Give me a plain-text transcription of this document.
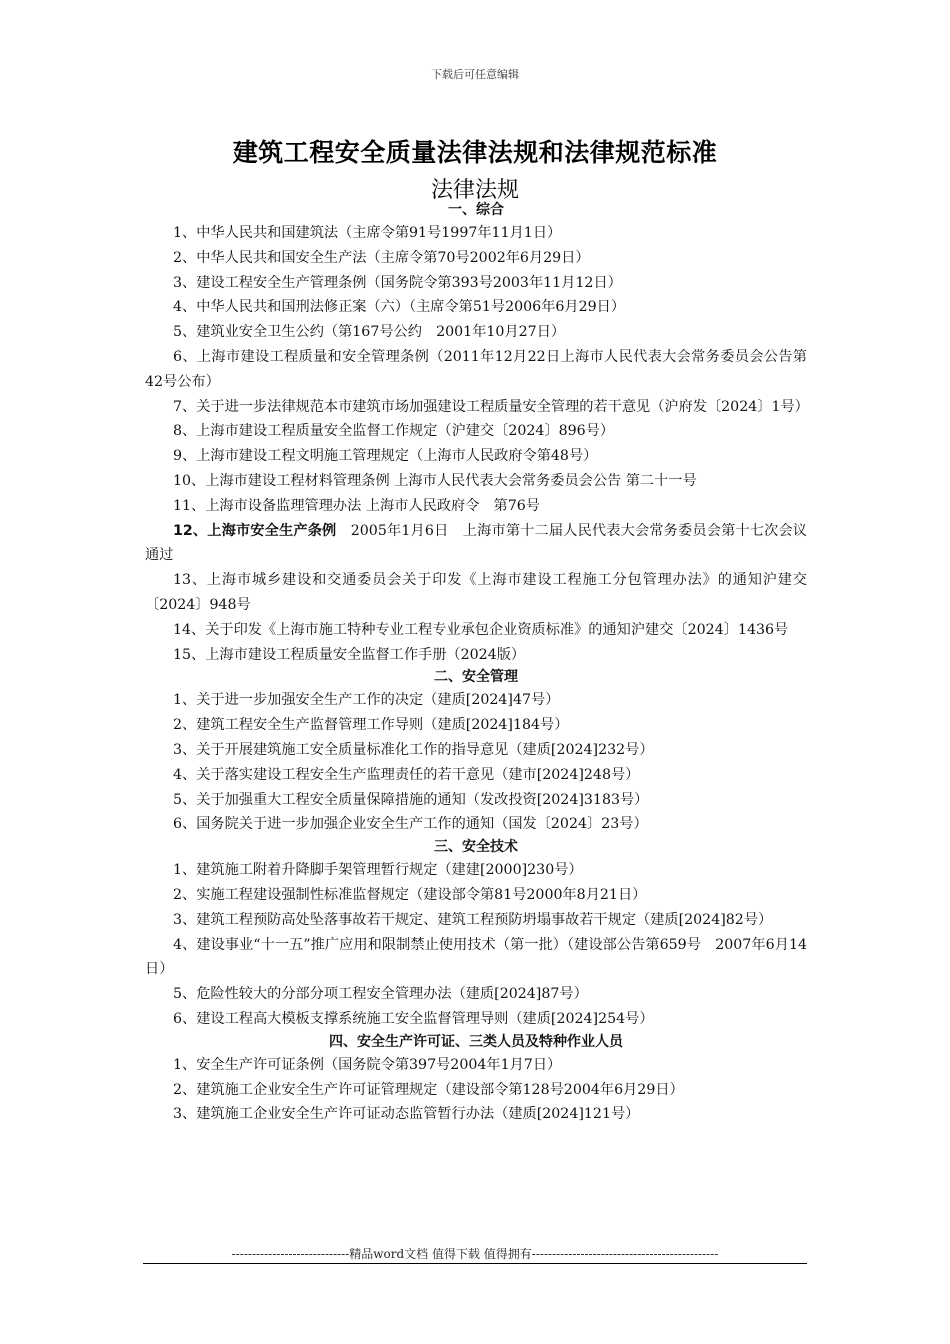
下载后可任意编辑
建筑工程安全质量法律法规和法律规范标准
法律法规
一、综合
1、中华人民共和国建筑法（主席令第91号1997年11月1日）
2、中华人民共和国安全生产法（主席令第70号2002年6月29日）
3、建设工程安全生产管理条例（国务院令第393号2003年11月12日）
4、中华人民共和国刑法修正案（六）（主席令第51号2006年6月29日）
5、建筑业安全卫生公约（第167号公约　2001年10月27日）
6、上海市建设工程质量和安全管理条例（2011年12月22日上海市人民代表大会常务委员会公告第42号公布）
7、关于进一步法律规范本市建筑市场加强建设工程质量安全管理的若干意见（沪府发〔2024〕1号）
8、上海市建设工程质量安全监督工作规定（沪建交〔2024〕896号）
9、上海市建设工程文明施工管理规定（上海市人民政府令第48号）
10、上海市建设工程材料管理条例 上海市人民代表大会常务委员会公告 第二十一号
11、上海市设备监理管理办法 上海市人民政府令　第76号
12、上海市安全生产条例　2005年1月6日　上海市第十二届人民代表大会常务委员会第十七次会议通过
13、上海市城乡建设和交通委员会关于印发《上海市建设工程施工分包管理办法》的通知沪建交〔2024〕948号
14、关于印发《上海市施工特种专业工程专业承包企业资质标准》的通知沪建交〔2024〕1436号
15、上海市建设工程质量安全监督工作手册（2024版）
二、安全管理
1、关于进一步加强安全生产工作的决定（建质[2024]47号）
2、建筑工程安全生产监督管理工作导则（建质[2024]184号）
3、关于开展建筑施工安全质量标准化工作的指导意见（建质[2024]232号）
4、关于落实建设工程安全生产监理责任的若干意见（建市[2024]248号）
5、关于加强重大工程安全质量保障措施的通知（发改投资[2024]3183号）
6、国务院关于进一步加强企业安全生产工作的通知（国发〔2024〕23号）
三、安全技术
1、建筑施工附着升降脚手架管理暂行规定（建建[2000]230号）
2、实施工程建设强制性标准监督规定（建设部令第81号2000年8月21日）
3、建筑工程预防高处坠落事故若干规定、建筑工程预防坍塌事故若干规定（建质[2024]82号）
4、建设事业“十一五”推广应用和限制禁止使用技术（第一批）（建设部公告第659号　2007年6月14日）
5、危险性较大的分部分项工程安全管理办法（建质[2024]87号）
6、建设工程高大模板支撑系统施工安全监督管理导则（建质[2024]254号）
四、安全生产许可证、三类人员及特种作业人员
1、安全生产许可证条例（国务院令第397号2004年1月7日）
2、建筑施工企业安全生产许可证管理规定（建设部令第128号2004年6月29日）
3、建筑施工企业安全生产许可证动态监管暂行办法（建质[2024]121号）
-----------------------------精品word文档 值得下载 值得拥有----------------------------------------------
